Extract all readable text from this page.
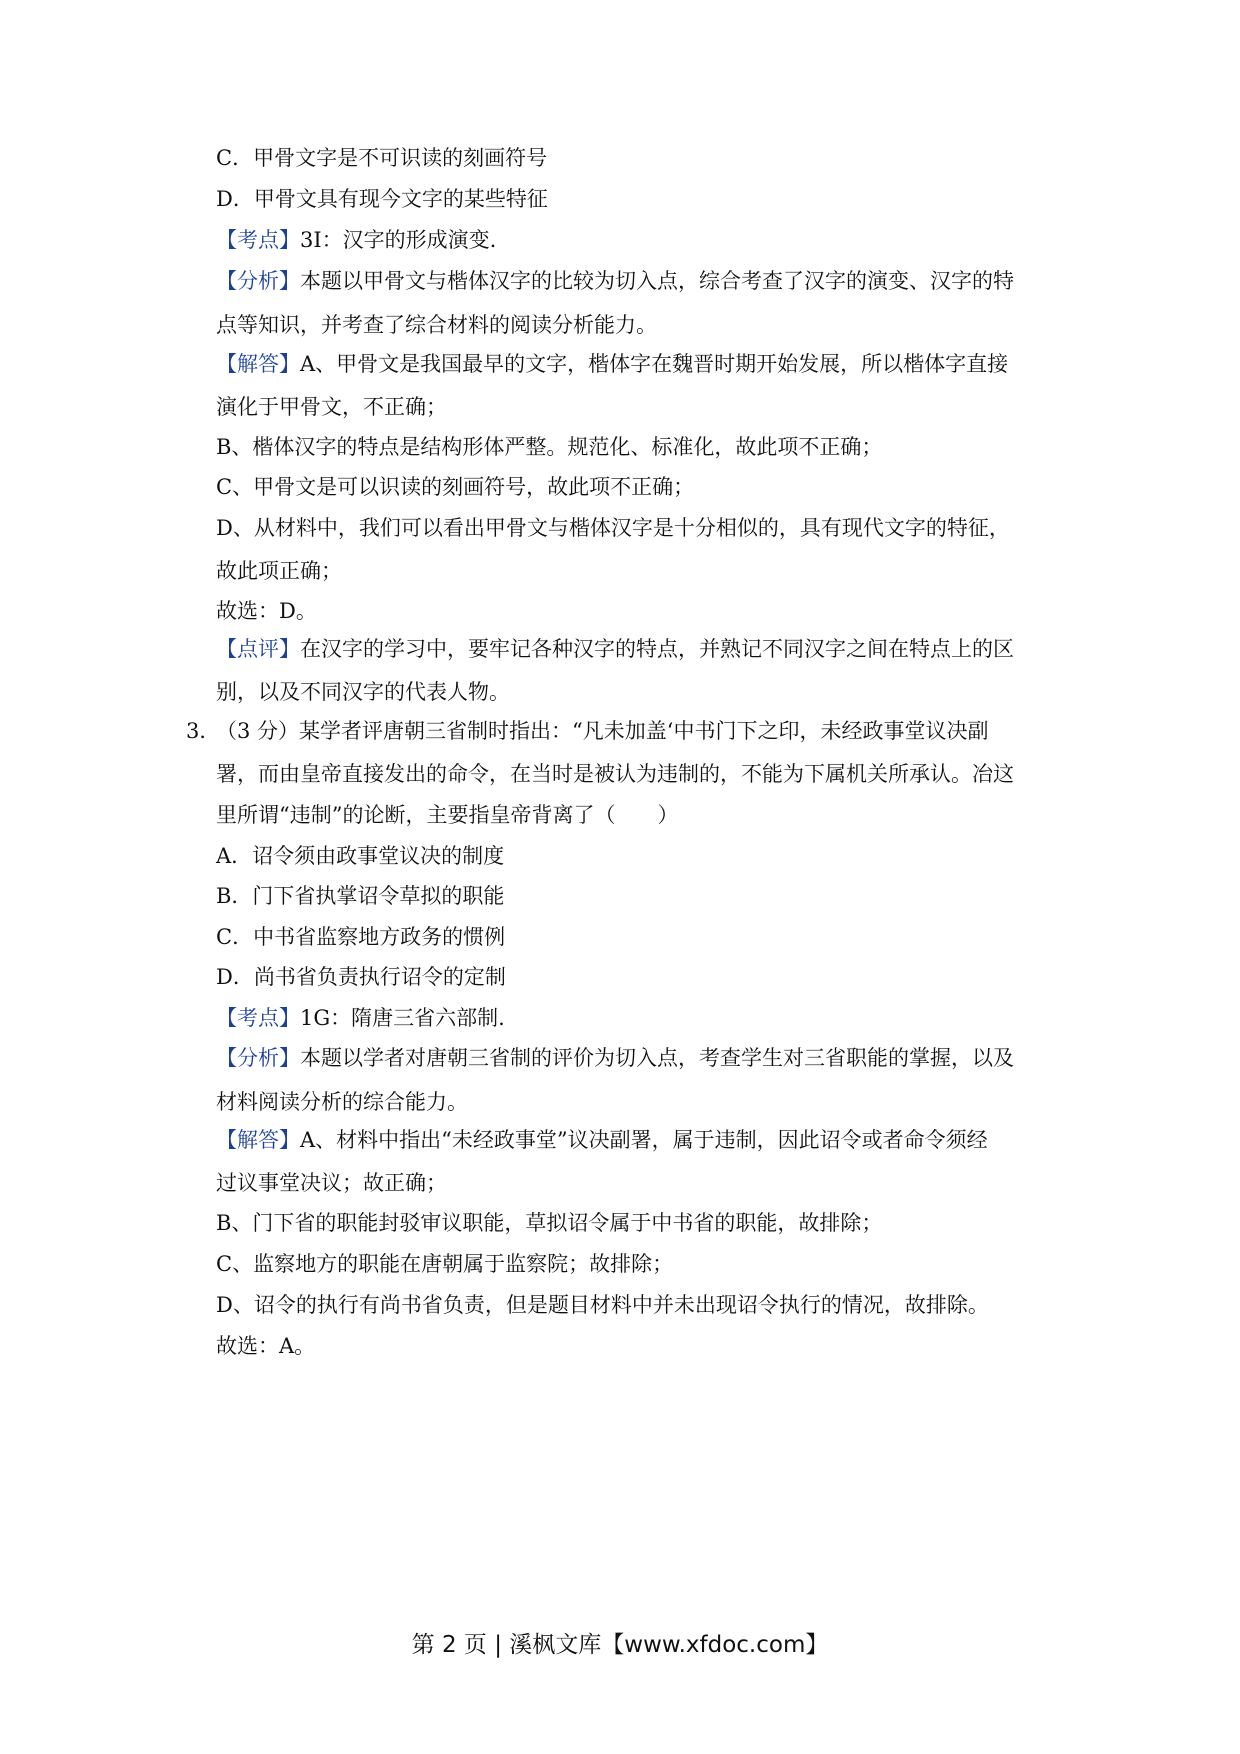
C．甲骨文字是不可识读的刻画符号
D．甲骨文具有现今文字的某些特征
【考点】3I：汉字的形成演变.
【分析】本题以甲骨文与楷体汉字的比较为切入点，综合考查了汉字的演变、汉字的特
点等知识，并考查了综合材料的阅读分析能力。
【解答】A、甲骨文是我国最早的文字，楷体字在魏晋时期开始发展，所以楷体字直接
演化于甲骨文，不正确；
B、楷体汉字的特点是结构形体严整。规范化、标准化，故此项不正确；
C、甲骨文是可以识读的刻画符号，故此项不正确；
D、从材料中，我们可以看出甲骨文与楷体汉字是十分相似的，具有现代文字的特征，
故此项正确；
故选：D。
【点评】在汉字的学习中，要牢记各种汉字的特点，并熟记不同汉字之间在特点上的区
别，以及不同汉字的代表人物。
3．
（3 分）某学者评唐朝三省制时指出：“凡未加盖‘中书门下之印，未经政事堂议决副
署，而由皇帝直接发出的命令，在当时是被认为违制的，不能为下属机关所承认。冶这
里所谓“违制”的论断，主要指皇帝背离了（　　）
A．诏令须由政事堂议决的制度
B．门下省执掌诏令草拟的职能
C．中书省监察地方政务的惯例
D．尚书省负责执行诏令的定制
【考点】1G：隋唐三省六部制.
【分析】本题以学者对唐朝三省制的评价为切入点，考查学生对三省职能的掌握，以及
材料阅读分析的综合能力。
【解答】A、材料中指出“未经政事堂”议决副署，属于违制，因此诏令或者命令须经
过议事堂决议；故正确；
B、门下省的职能封驳审议职能，草拟诏令属于中书省的职能，故排除；
C、监察地方的职能在唐朝属于监察院；故排除；
D、诏令的执行有尚书省负责，但是题目材料中并未出现诏令执行的情况，故排除。
故选：A。
第 2 页 | 溪枫文库【www.xfdoc.com】
